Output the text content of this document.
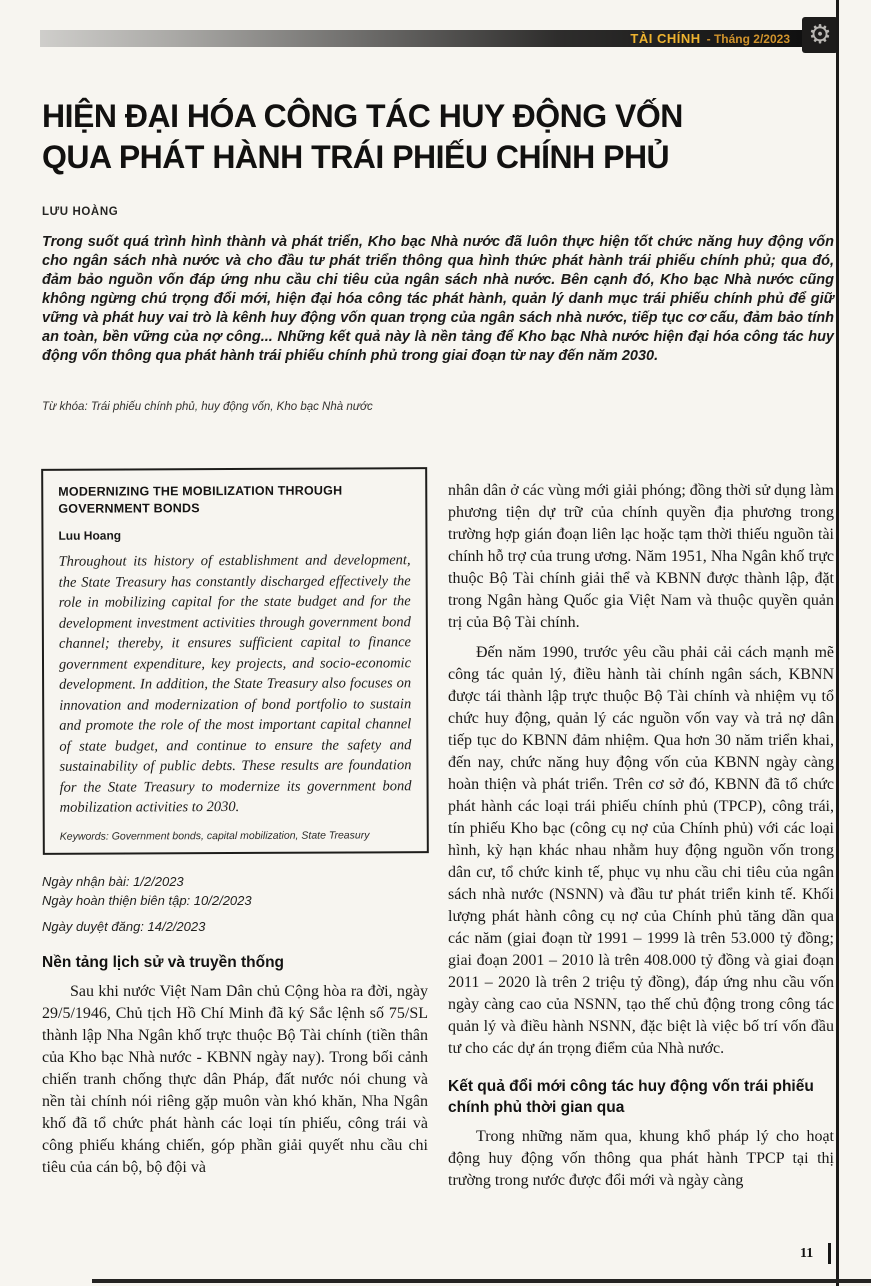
TÀI CHÍNH - Tháng 2/2023 ⚙
HIỆN ĐẠI HÓA CÔNG TÁC HUY ĐỘNG VỐN
QUA PHÁT HÀNH TRÁI PHIẾU CHÍNH PHỦ
LƯU HOÀNG
Trong suốt quá trình hình thành và phát triển, Kho bạc Nhà nước đã luôn thực hiện tốt chức năng huy động vốn cho ngân sách nhà nước và cho đầu tư phát triển thông qua hình thức phát hành trái phiếu chính phủ; qua đó, đảm bảo nguồn vốn đáp ứng nhu cầu chi tiêu của ngân sách nhà nước. Bên cạnh đó, Kho bạc Nhà nước cũng không ngừng chú trọng đổi mới, hiện đại hóa công tác phát hành, quản lý danh mục trái phiếu chính phủ để giữ vững và phát huy vai trò là kênh huy động vốn quan trọng của ngân sách nhà nước, tiếp tục cơ cấu, đảm bảo tính an toàn, bền vững của nợ công... Những kết quả này là nền tảng để Kho bạc Nhà nước hiện đại hóa công tác huy động vốn thông qua phát hành trái phiếu chính phủ trong giai đoạn từ nay đến năm 2030.
Từ khóa: Trái phiếu chính phủ, huy động vốn, Kho bạc Nhà nước
MODERNIZING THE MOBILIZATION THROUGH GOVERNMENT BONDS
Luu Hoang
Throughout its history of establishment and development, the State Treasury has constantly discharged effectively the role in mobilizing capital for the state budget and for the development investment activities through government bond channel; thereby, it ensures sufficient capital to finance government expenditure, key projects, and socio-economic development. In addition, the State Treasury also focuses on innovation and modernization of bond portfolio to sustain and promote the role of the most important capital channel of state budget, and continue to ensure the safety and sustainability of public debts. These results are foundation for the State Treasury to modernize its government bond mobilization activities to 2030.
Keywords: Government bonds, capital mobilization, State Treasury
Ngày nhận bài: 1/2/2023
Ngày hoàn thiện biên tập: 10/2/2023
Ngày duyệt đăng: 14/2/2023
Nền tảng lịch sử và truyền thống

Sau khi nước Việt Nam Dân chủ Cộng hòa ra đời, ngày 29/5/1946, Chủ tịch Hồ Chí Minh đã ký Sắc lệnh số 75/SL thành lập Nha Ngân khố trực thuộc Bộ Tài chính (tiền thân của Kho bạc Nhà nước - KBNN ngày nay). Trong bối cảnh chiến tranh chống thực dân Pháp, đất nước nói chung và nền tài chính nói riêng gặp muôn vàn khó khăn, Nha Ngân khố đã tổ chức phát hành các loại tín phiếu, công trái và công phiếu kháng chiến, góp phần giải quyết nhu cầu chi tiêu của cán bộ, bộ đội và

nhân dân ở các vùng mới giải phóng; đồng thời sử dụng làm phương tiện dự trữ của chính quyền địa phương trong trường hợp gián đoạn liên lạc hoặc tạm thời thiếu nguồn tài chính hỗ trợ của trung ương. Năm 1951, Nha Ngân khố trực thuộc Bộ Tài chính giải thể và KBNN được thành lập, đặt trong Ngân hàng Quốc gia Việt Nam và thuộc quyền quản trị của Bộ Tài chính.

Đến năm 1990, trước yêu cầu phải cải cách mạnh mẽ công tác quản lý, điều hành tài chính ngân sách, KBNN được tái thành lập trực thuộc Bộ Tài chính và nhiệm vụ tổ chức huy động, quản lý các nguồn vốn vay và trả nợ dân tiếp tục do KBNN đảm nhiệm. Qua hơn 30 năm triển khai, đến nay, chức năng huy động vốn của KBNN ngày càng hoàn thiện và phát triển. Trên cơ sở đó, KBNN đã tổ chức phát hành các loại trái phiếu chính phủ (TPCP), công trái, tín phiếu Kho bạc (công cụ nợ của Chính phủ) với các loại hình, kỳ hạn khác nhau nhằm huy động nguồn vốn trong dân cư, tổ chức kinh tế, phục vụ nhu cầu chi tiêu của ngân sách nhà nước (NSNN) và đầu tư phát triển kinh tế. Khối lượng phát hành công cụ nợ của Chính phủ tăng dần qua các năm (giai đoạn từ 1991 – 1999 là trên 53.000 tỷ đồng; giai đoạn 2001 – 2010 là trên 408.000 tỷ đồng và giai đoạn 2011 – 2020 là trên 2 triệu tỷ đồng), đáp ứng nhu cầu vốn ngày càng cao của NSNN, tạo thế chủ động trong công tác quản lý và điều hành NSNN, đặc biệt là việc bố trí vốn đầu tư cho các dự án trọng điểm của Nhà nước.

Kết quả đổi mới công tác huy động vốn trái phiếu chính phủ thời gian qua

Trong những năm qua, khung khổ pháp lý cho hoạt động huy động vốn thông qua phát hành TPCP tại thị trường trong nước được đổi mới và ngày càng

11
